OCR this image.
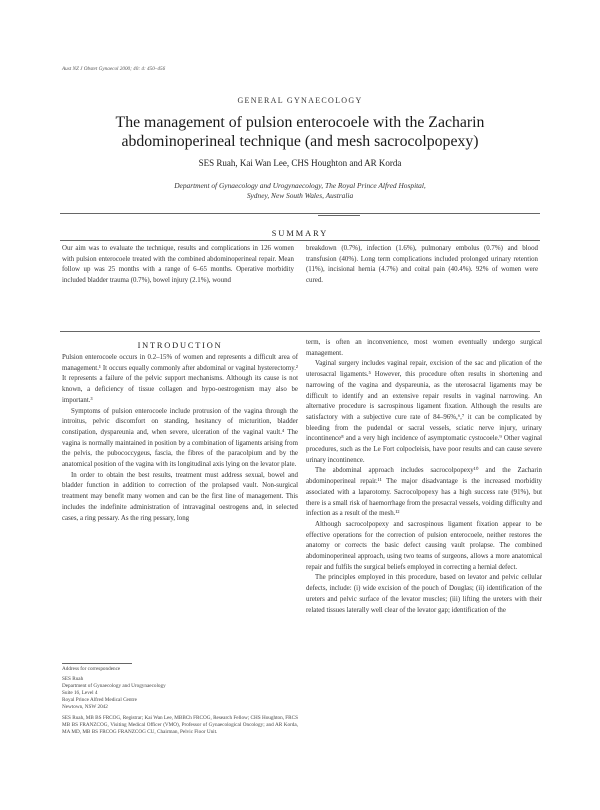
Aust NZ J Obstet Gynaecol 2000; 40: 4: 450–456
GENERAL GYNAECOLOGY
The management of pulsion enterocoele with the Zacharin
abdominoperineal technique (and mesh sacrocolpopexy)
SES Ruah, Kai Wan Lee, CHS Houghton and AR Korda
Department of Gynaecology and Urogynaecology, The Royal Prince Alfred Hospital,
Sydney, New South Wales, Australia
SUMMARY

Our aim was to evaluate the technique, results and complications in 126 women with pulsion enterocoele treated with the combined abdominoperineal repair. Mean follow up was 25 months with a range of 6–65 months. Operative morbidity included bladder trauma (0.7%), bowel injury (2.1%), wound

breakdown (0.7%), infection (1.6%), pulmonary embolus (0.7%) and blood transfusion (40%). Long term complications included prolonged urinary retention (11%), incisional hernia (4.7%) and coital pain (40.4%). 92% of women were cured.

INTRODUCTION

Pulsion enterocoele occurs in 0.2–15% of women and represents a difficult area of management.¹ It occurs equally commonly after abdominal or vaginal hysterectomy.² It represents a failure of the pelvic support mechanisms. Although its cause is not known, a deficiency of tissue collagen and hypo-oestrogenism may also be important.³

Symptoms of pulsion enterocoele include protrusion of the vagina through the introitus, pelvic discomfort on standing, hesitancy of micturition, bladder constipation, dyspareunia and, when severe, ulceration of the vaginal vault.⁴ The vagina is normally maintained in position by a combination of ligaments arising from the pelvis, the pubococcygeus, fascia, the fibres of the paracolpium and by the anatomical position of the vagina with its longitudinal axis lying on the levator plate.

In order to obtain the best results, treatment must address sexual, bowel and bladder function in addition to correction of the prolapsed vault. Non-surgical treatment may benefit many women and can be the first line of management. This includes the indefinite administration of intravaginal oestrogens and, in selected cases, a ring pessary. As the ring pessary, long

Address for correspondence
SES Ruah
Department of Gynaecology and Urogynaecology
Suite 16, Level 4
Royal Prince Alfred Medical Centre
Newtown, NSW 2042
SES Ruah, MB BS FRCOG, Registrar; Kai Wan Lee, MBBCh FRCOG, Research Fellow; CHS Houghton, FRCS MB BS FRANZCOG, Visiting Medical Officer (VMO), Professor of Gynaecological Oncology; and AR Korda, MA MD, MB BS FRCOG FRANZCOG CU, Chairman, Pelvic Floor Unit.

term, is often an inconvenience, most women eventually undergo surgical management.

Vaginal surgery includes vaginal repair, excision of the sac and plication of the uterosacral ligaments.⁵ However, this procedure often results in shortening and narrowing of the vagina and dyspareunia, as the uterosacral ligaments may be difficult to identify and an extensive repair results in vaginal narrowing. An alternative procedure is sacrospinous ligament fixation. Although the results are satisfactory with a subjective cure rate of 84–96%,⁶,⁷ it can be complicated by bleeding from the pudendal or sacral vessels, sciatic nerve injury, urinary incontinence⁸ and a very high incidence of asymptomatic cystocoele.⁹ Other vaginal procedures, such as the Le Fort colpocleisis, have poor results and can cause severe urinary incontinence.

The abdominal approach includes sacrocolpopexy¹⁰ and the Zacharin abdominoperineal repair.¹¹ The major disadvantage is the increased morbidity associated with a laparotomy. Sacrocolpopexy has a high success rate (91%), but there is a small risk of haemorrhage from the presacral vessels, voiding difficulty and infection as a result of the mesh.¹²

Although sacrocolpopexy and sacrospinous ligament fixation appear to be effective operations for the correction of pulsion enterocoele, neither restores the anatomy or corrects the basic defect causing vault prolapse. The combined abdominoperineal approach, using two teams of surgeons, allows a more anatomical repair and fulfils the surgical beliefs employed in correcting a hernial defect.

The principles employed in this procedure, based on levator and pelvic cellular defects, include: (i) wide excision of the pouch of Douglas; (ii) identification of the ureters and pelvic surface of the levator muscles; (iii) lifting the ureters with their related tissues laterally well clear of the levator gap; identification of the
